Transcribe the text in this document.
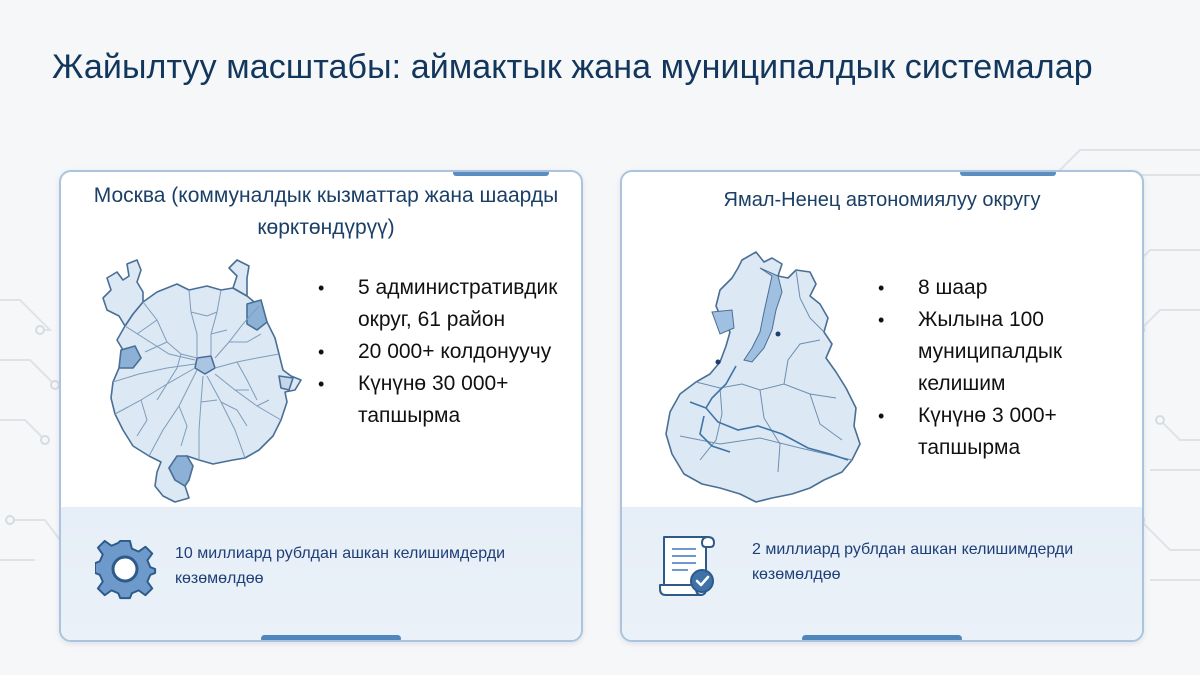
Жайылтуу масштабы: аймактык жана муниципалдык системалар
10 миллиард рублдан ашкан келишимдерди көзөмөлдөө
Москва (коммуналдык кызматтар жана шаарды көрктөндүрүү)
• 5 административдик округ, 61 район
• 20 000+ колдонуучу
• Күнүнө 30 000+ тапшырма
2 миллиард рублдан ашкан келишимдерди көзөмөлдөө
Ямал-Ненец автономиялуу округу
• 8 шаар
• Жылына 100 муниципалдык келишим
• Күнүнө 3 000+ тапшырма
